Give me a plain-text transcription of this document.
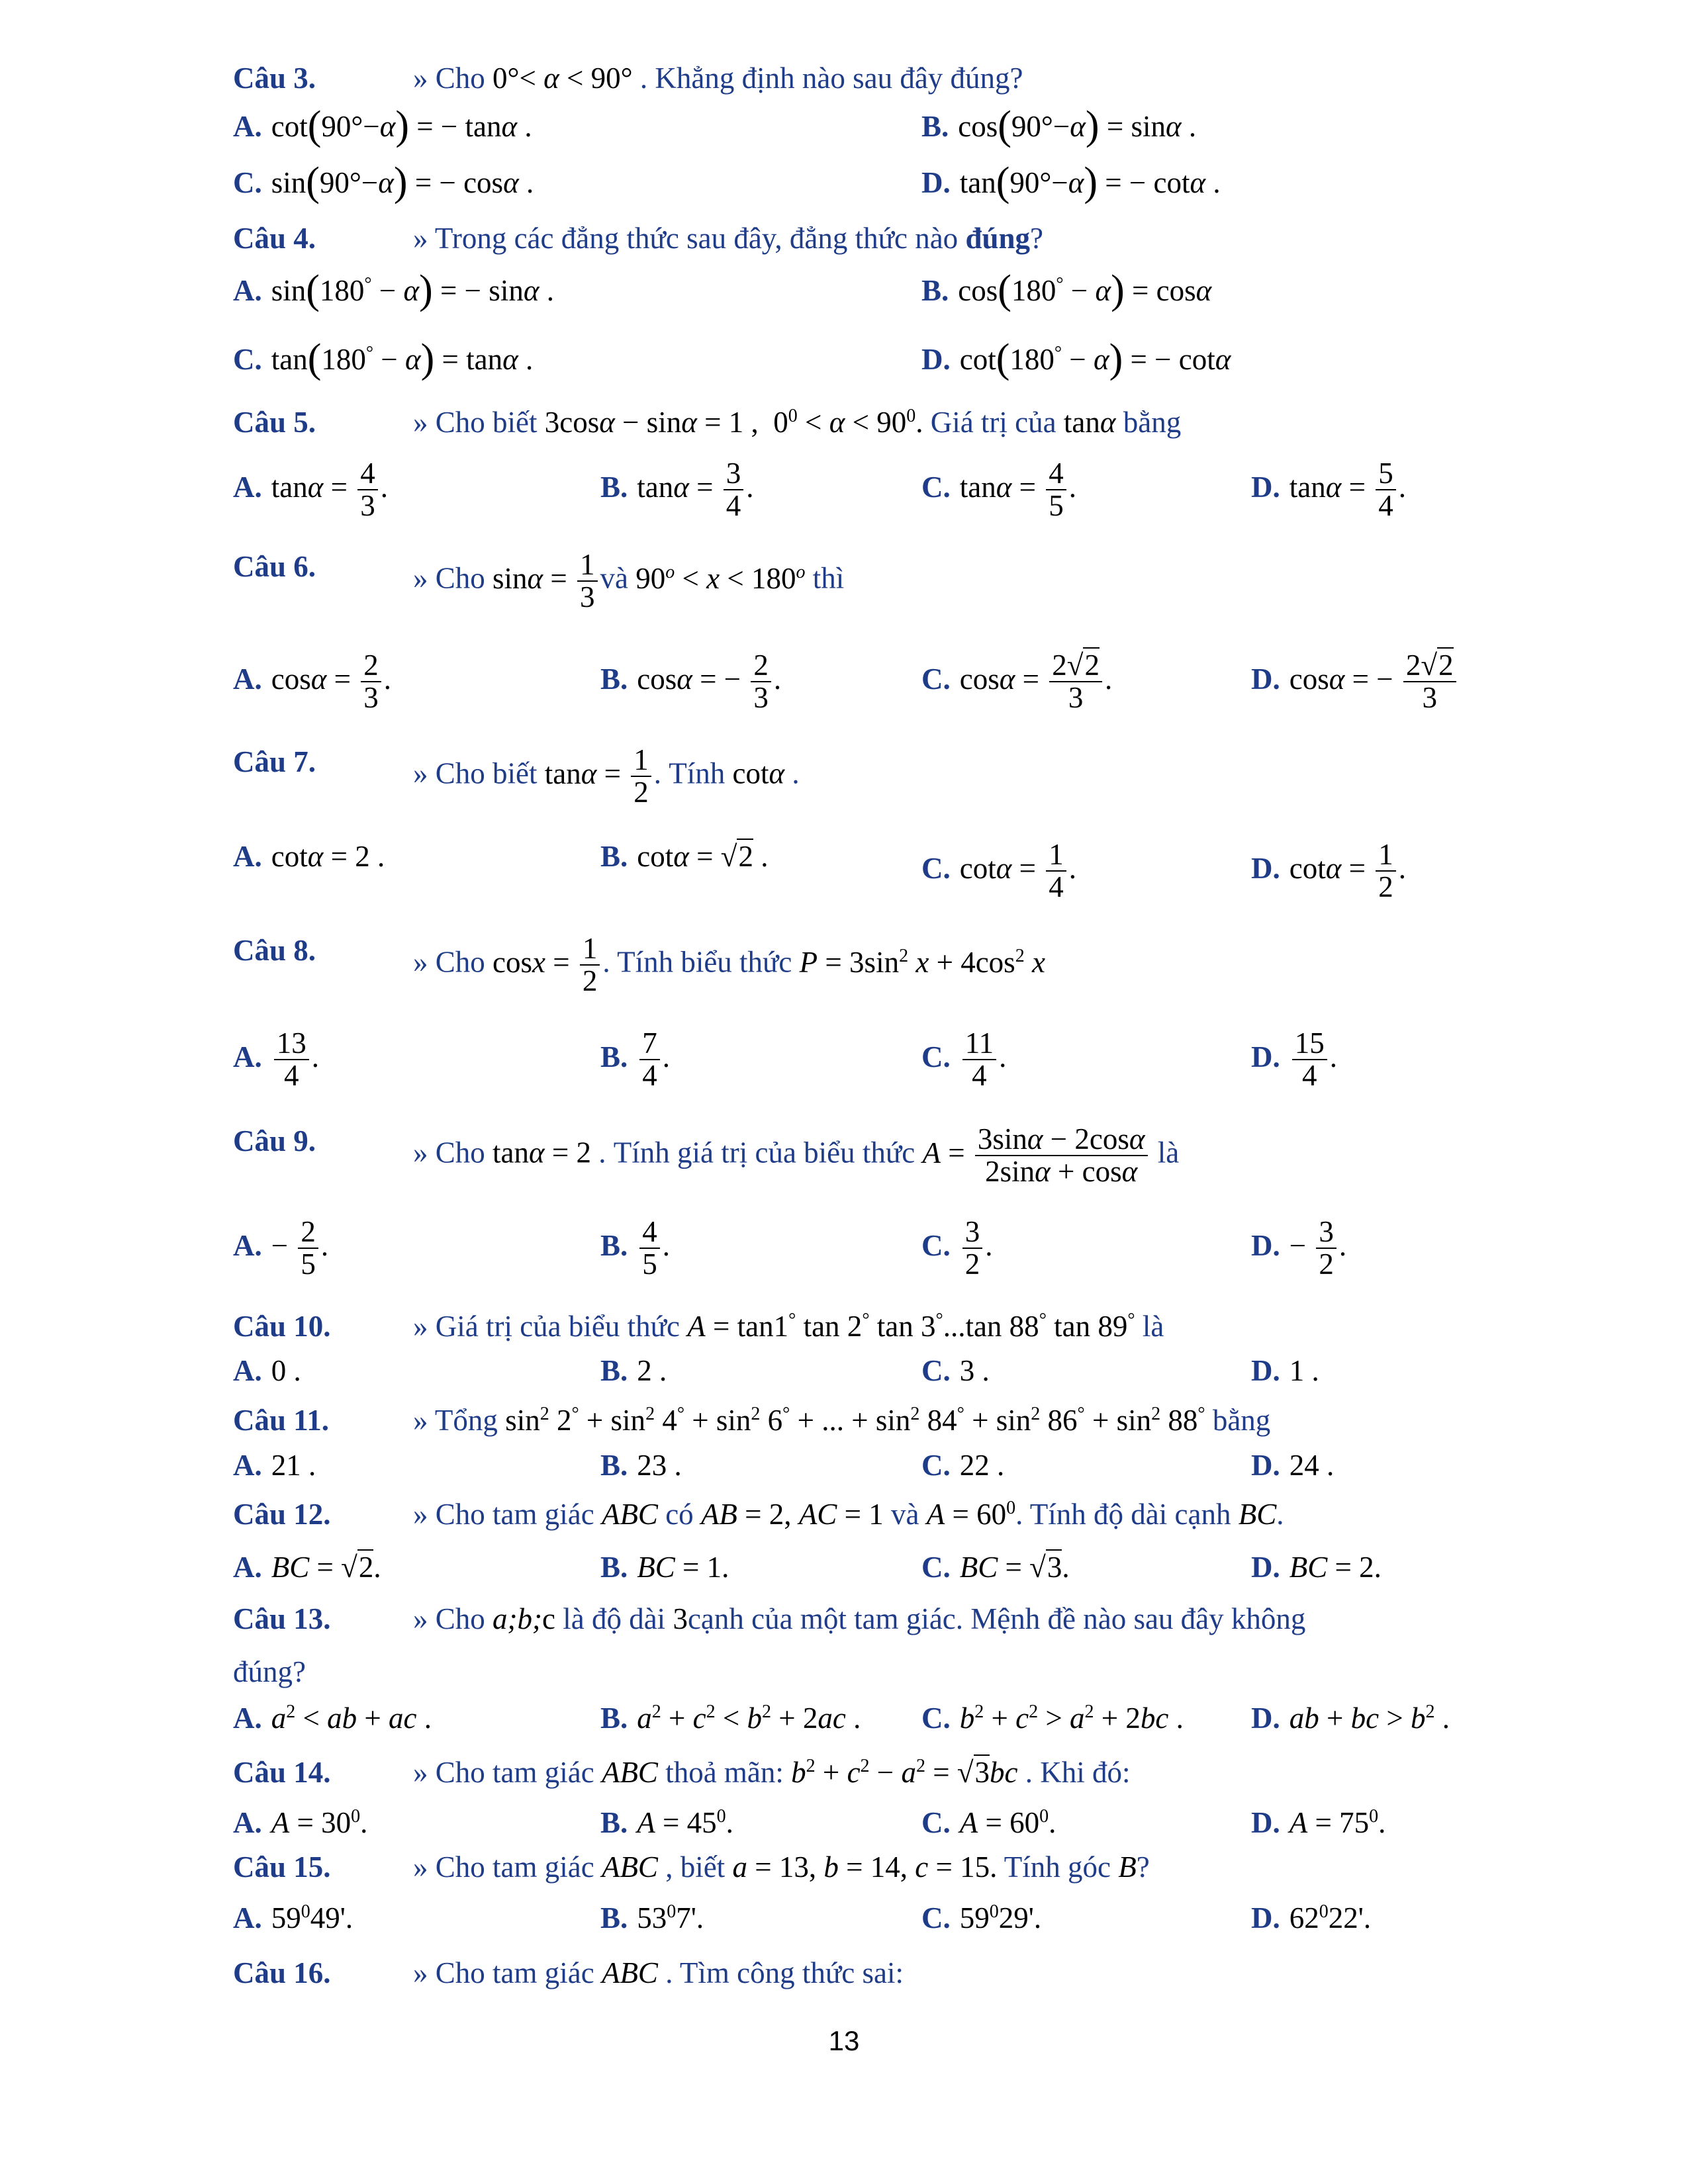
Câu 3.	» Cho 0°< α < 90° . Khẳng định nào sau đây đúng?
A. cot(90°−α) = − tanα .	B. cos(90°−α) = sinα .
C. sin(90°−α) = − cosα .	D. tan(90°−α) = − cotα .
Câu 4.	» Trong các đẳng thức sau đây, đẳng thức nào đúng?
A. sin(180° − α) = − sinα .	B. cos(180° − α) = cosα
C. tan(180° − α) = tanα .	D. cot(180° − α) = − cotα
Câu 5.	» Cho biết 3cosα − sinα = 1 ,  $0^0 < \alpha < 90^0$. Giá trị của tanα bằng
A. $\tan\alpha = \frac{4}{3}$ .	B. $\tan\alpha = \frac{3}{4}$ .	C. $\tan\alpha = \frac{4}{5}$ .	D. $\tan\alpha = \frac{5}{4}$ .
Câu 6.	» Cho $\sin\alpha = \frac{1}{3}$ và $90^o < x < 180^o$ thì
A. $\cos\alpha = \frac{2}{3}$ .	B. cosα = − $\frac{2}{3}$ .	C. $\cos\alpha = \frac{2√2}{3}$ .	D. cosα = − $\frac{2√2}{3}$
Câu 7.	» Cho biết $\tan\alpha = \frac{1}{2}$ . Tính cotα .
A. cotα = 2 .	B. cotα = √2 .	C. $\cot\alpha = \frac{1}{4}$ .	D. $\cot\alpha = \frac{1}{2}$ .
Câu 8.	» Cho $\cos x = \frac{1}{2}$ . Tính biểu thức $P = 3\sin^2$ $x + 4\cos^2$ x
A. $\frac{13}{4}$ .	B. $\frac{7}{4}$ .	C. $\frac{11}{4}$ .	D. $\frac{15}{4}$ .
Câu 9.	» Cho tanα = 2 . Tính giá trị của biểu thức $A = \frac{3\sin\alpha - 2\cos\alpha}{2\sin\alpha + \cos\alpha}$ là
A. − $\frac{2}{5}$ .	B. $\frac{4}{5}$ .	C. $\frac{3}{2}$ .	D. − $\frac{3}{2}$ .
Câu 10.	» Giá trị của biểu thức A = tan1° tan 2° tan 3°...tan 88° tan 89° là
A. 0 .	B. 2 .	C. 3 .	D. 1 .
Câu 11.	» Tổng $\sin^2 2^\circ + \sin^2 4^\circ + \sin^2 6^\circ$ + ... + $\sin^2 84^\circ + \sin^2 86^\circ + \sin^2 88^\circ$ bằng
A. 21 .	B. 23 .	C. 22 .	D. 24 .
Câu 12.	» Cho tam giác ABC có AB = 2, AC = 1 và $A = 60^0$. Tính độ dài cạnh BC.
A. BC = √2.	B. BC = 1.	C. BC = √3.	D. BC = 2.
Câu 13.	» Cho a;b;c là độ dài 3cạnh của một tam giác. Mệnh đề nào sau đây không
đúng?
A. $a^2$ < ab + ac .	B. $a^2 + c^2 < b^2 + 2ac$ . C. $b^2 + c^2 > a^2 + 2bc$ . D. ab + bc > $b^2$ .
Câu 14.	» Cho tam giác ABC thoả mãn: $b^2 + c^2 - a^2 = √3bc$ . Khi đó:
A. $A = 30^0$.	B. $A = 45^0$.	C. $A = 60^0$.	D. $A = 75^0$.
Câu 15.	» Cho tam giác ABC , biết a = 13, b = 14, c = 15. Tính góc B?
A. $59^049'$.	B. $53^07'$.	C. $59^029'$.	D. $62^022'$.
Câu 16.	» Cho tam giác ABC . Tìm công thức sai:
13
